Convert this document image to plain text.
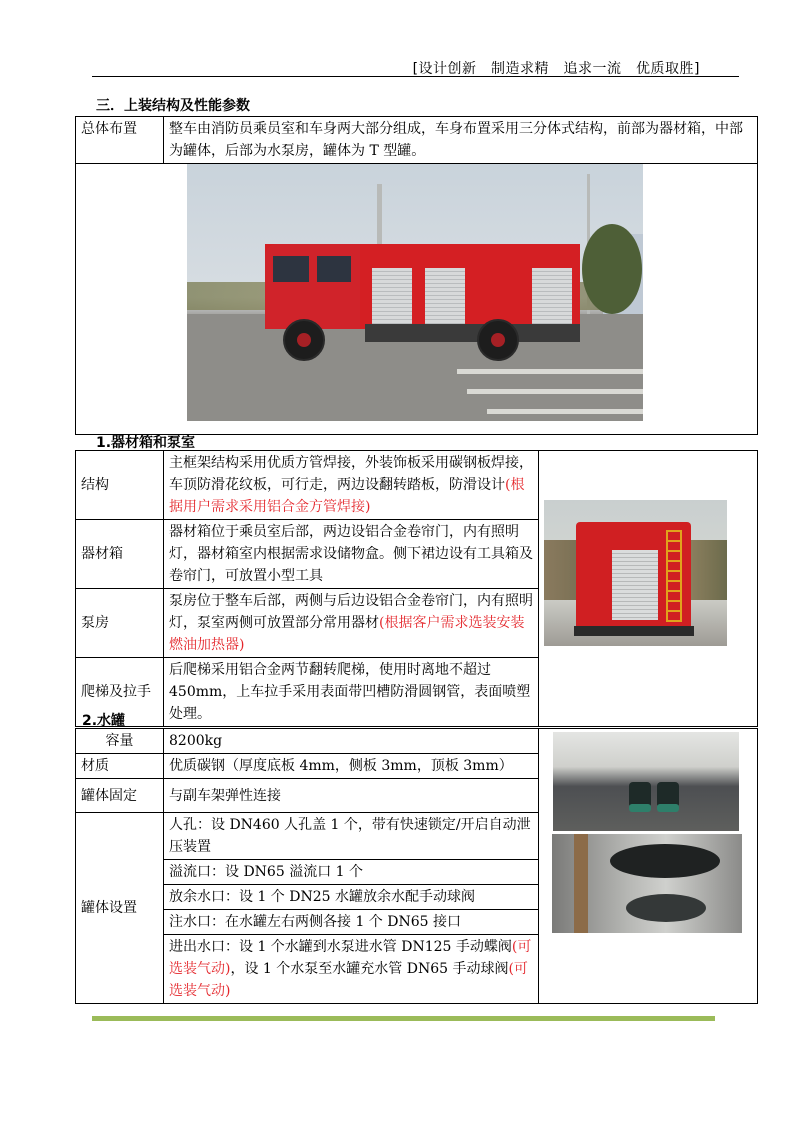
[设计创新　制造求精　追求一流　优质取胜]
三．上装结构及性能参数
总体布置	整车由消防员乘员室和车身两大部分组成，车身布置采用三分体式结构，前部为器材箱，中部为罐体，后部为水泵房，罐体为 T 型罐。

1.器材箱和泵室
结构	主框架结构采用优质方管焊接，外装饰板采用碳钢板焊接，车顶防滑花纹板，可行走，两边设翻转踏板，防滑设计(根据用户需求采用铝合金方管焊接)	
器材箱	器材箱位于乘员室后部，两边设铝合金卷帘门，内有照明灯，器材箱室内根据需求设储物盒。侧下裙边设有工具箱及卷帘门，可放置小型工具	
泵房	泵房位于整车后部，两侧与后边设铝合金卷帘门，内有照明灯，泵室两侧可放置部分常用器材(根据客户需求选装安装燃油加热器)	
爬梯及拉手	后爬梯采用铝合金两节翻转爬梯，使用时离地不超过 450mm，上车拉手采用表面带凹槽防滑圆钢管，表面喷塑处理。	
2.水罐
容量	8200kg	
材质	优质碳钢（厚度底板 4mm，侧板 3mm，顶板 3mm）	
罐体固定	与副车架弹性连接	
罐体设置	人孔：设 DN460 人孔盖 1 个，带有快速锁定/开启自动泄压装置	
	溢流口：设 DN65 溢流口 1 个	
	放余水口：设 1 个 DN25 水罐放余水配手动球阀	
	注水口：在水罐左右两侧各接 1 个 DN65 接口	
	进出水口：设 1 个水罐到水泵进水管 DN125 手动蝶阀(可选装气动)，设 1 个水泵至水罐充水管 DN65 手动球阀(可选装气动)	
